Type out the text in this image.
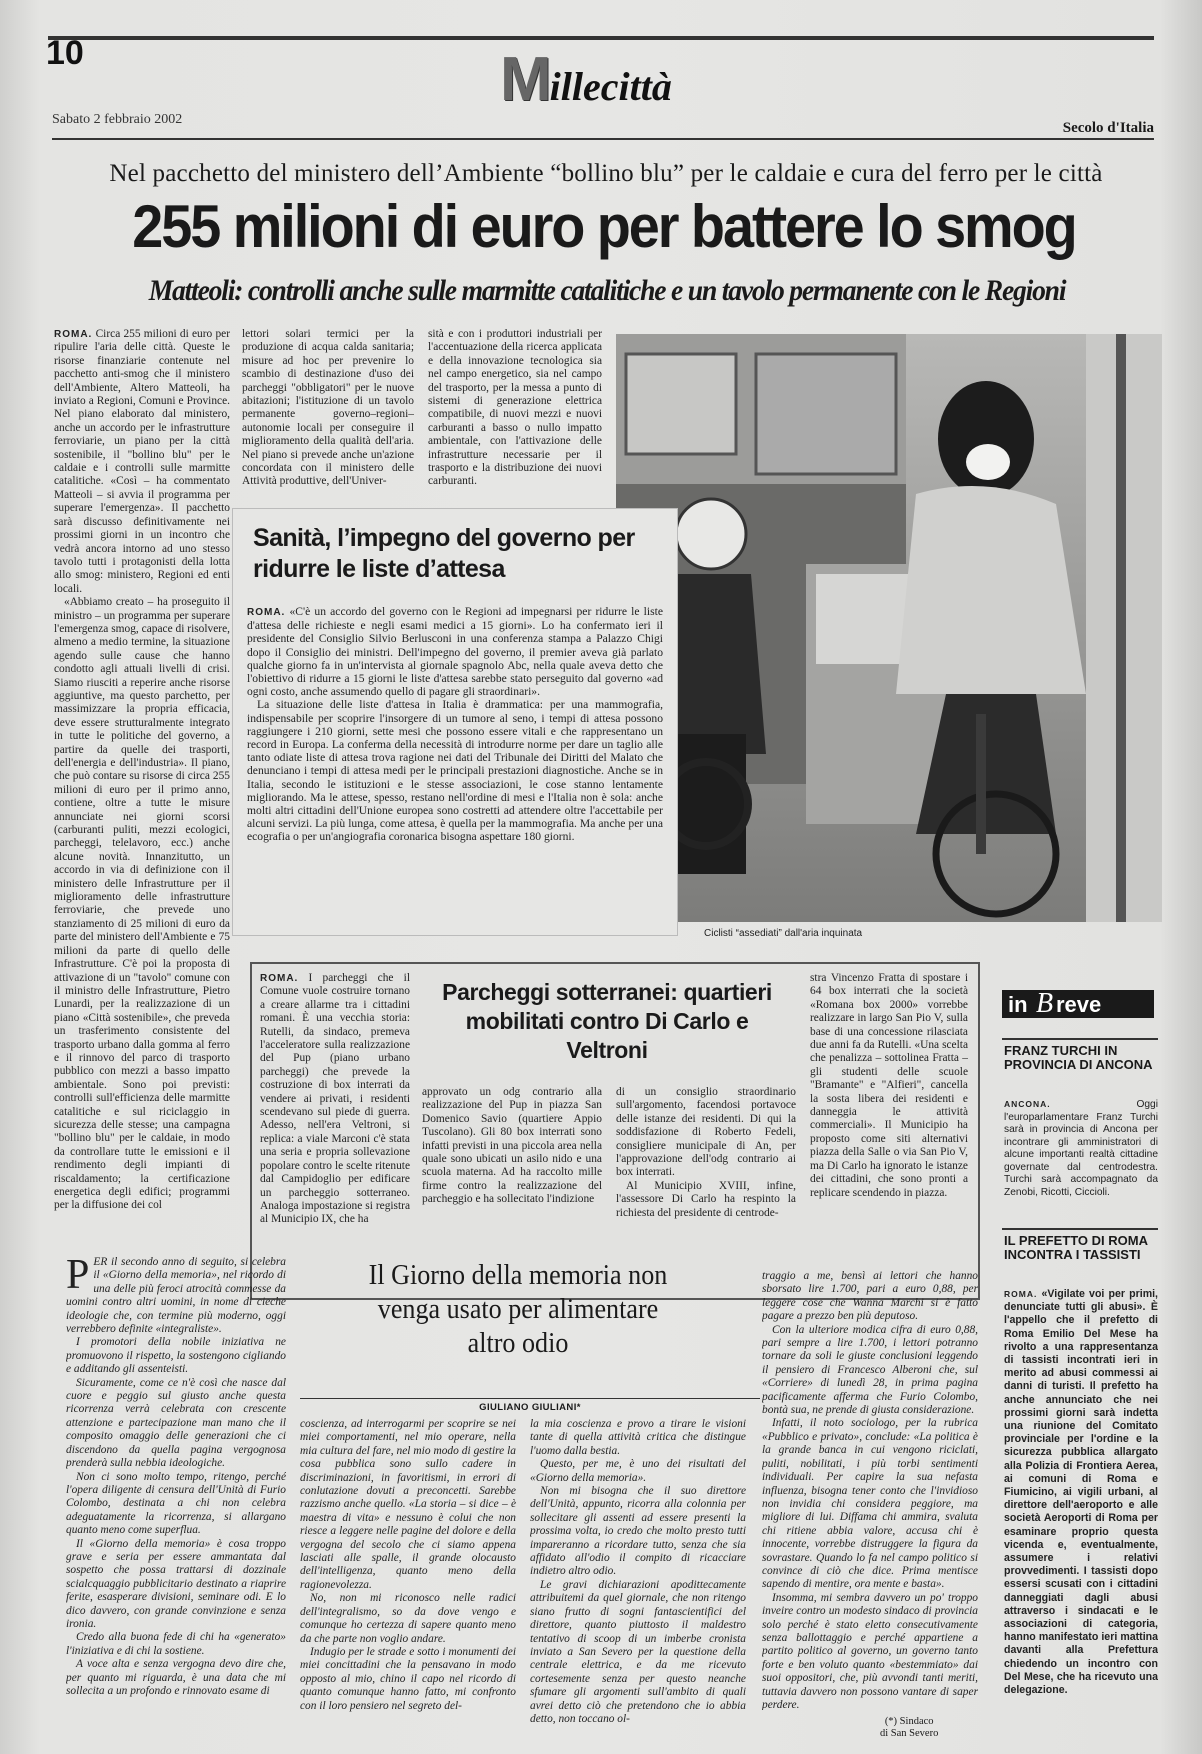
10	Millecittà
Sabato 2 febbraio 2002
Secolo d'Italia
Nel pacchetto del ministero dell’Ambiente “bollino blu” per le caldaie e cura del ferro per le città
255 milioni di euro per battere lo smog
Matteoli: controlli anche sulle marmitte catalitiche e un tavolo permanente con le Regioni

ROMA. Circa 255 milioni di euro per ripulire l'aria delle città. Queste le risorse finanziarie contenute nel pacchetto anti-smog che il ministero dell'Ambiente, Altero Matteoli, ha inviato a Regioni, Comuni e Province. Nel piano elaborato dal ministero, anche un accordo per le infrastrutture ferroviarie, un piano per la città sostenibile, il "bollino blu" per le caldaie e i controlli sulle marmitte catalitiche. «Così – ha commentato Matteoli – si avvia il programma per superare l'emergenza». Il pacchetto sarà discusso definitivamente nei prossimi giorni in un incontro che vedrà ancora intorno ad uno stesso tavolo tutti i protagonisti della lotta allo smog: ministero, Regioni ed enti locali.

«Abbiamo creato – ha proseguito il ministro – un programma per superare l'emergenza smog, capace di risolvere, almeno a medio termine, la situazione agendo sulle cause che hanno condotto agli attuali livelli di crisi. Siamo riusciti a reperire anche risorse aggiuntive, ma questo parchetto, per massimizzare la propria efficacia, deve essere strutturalmente integrato in tutte le politiche del governo, a partire da quelle dei trasporti, dell'energia e dell'industria». Il piano, che può contare su risorse di circa 255 milioni di euro per il primo anno, contiene, oltre a tutte le misure annunciate nei giorni scorsi (carburanti puliti, mezzi ecologici, parcheggi, telelavoro, ecc.) anche alcune novità. Innanzitutto, un accordo in via di definizione con il ministero delle Infrastrutture per il miglioramento delle infrastrutture ferroviarie, che prevede uno stanziamento di 25 milioni di euro da parte del ministero dell'Ambiente e 75 milioni da parte di quello delle Infrastrutture. C'è poi la proposta di attivazione di un "tavolo" comune con il ministro delle Infrastrutture, Pietro Lunardi, per la realizzazione di un piano «Città sostenibile», che preveda un trasferimento consistente del trasporto urbano dalla gomma al ferro e il rinnovo del parco di trasporto pubblico con mezzi a basso impatto ambientale. Sono poi previsti: controlli sull'efficienza delle marmitte catalitiche e sul riciclaggio in sicurezza delle stesse; una campagna "bollino blu" per le caldaie, in modo da controllare tutte le emissioni e il rendimento degli impianti di riscaldamento; la certificazione energetica degli edifici; programmi per la diffusione dei col

lettori solari termici per la produzione di acqua calda sanitaria; misure ad hoc per prevenire lo scambio di destinazione d'uso dei parcheggi "obbligatori" per le nuove abitazioni; l'istituzione di un tavolo permanente governo–regioni–autonomie locali per conseguire il miglioramento della qualità dell'aria. Nel piano si prevede anche un'azione concordata con il ministero delle Attività produttive, dell'Univer-

sità e con i produttori industriali per l'accentuazione della ricerca applicata e della innovazione tecnologica sia nel campo energetico, sia nel campo del trasporto, per la messa a punto di sistemi di generazione elettrica compatibile, di nuovi mezzi e nuovi carburanti a basso o nullo impatto ambientale, con l'attivazione delle infrastrutture necessarie per il trasporto e la distribuzione dei nuovi carburanti.

Ciclisti “assediati” dall'aria inquinata
Sanità, l’impegno del governo per ridurre le liste d’attesa

ROMA. «C'è un accordo del governo con le Regioni ad impegnarsi per ridurre le liste d'attesa delle richieste e negli esami medici a 15 giorni». Lo ha confermato ieri il presidente del Consiglio Silvio Berlusconi in una conferenza stampa a Palazzo Chigi dopo il Consiglio dei ministri. Dell'impegno del governo, il premier aveva già parlato qualche giorno fa in un'intervista al giornale spagnolo Abc, nella quale aveva detto che l'obiettivo di ridurre a 15 giorni le liste d'attesa sarebbe stato perseguito dal governo «ad ogni costo, anche assumendo quello di pagare gli straordinari».

La situazione delle liste d'attesa in Italia è drammatica: per una mammografia, indispensabile per scoprire l'insorgere di un tumore al seno, i tempi di attesa possono raggiungere i 210 giorni, sette mesi che possono essere vitali e che rappresentano un record in Europa. La conferma della necessità di introdurre norme per dare un taglio alle tanto odiate liste di attesa trova ragione nei dati del Tribunale dei Diritti del Malato che denunciano i tempi di attesa medi per le principali prestazioni diagnostiche. Anche se in Italia, secondo le istituzioni e le stesse associazioni, le cose stanno lentamente migliorando. Ma le attese, spesso, restano nell'ordine di mesi e l'Italia non è sola: anche molti altri cittadini dell'Unione europea sono costretti ad attendere oltre l'accettabile per alcuni servizi. La più lunga, come attesa, è quella per la mammografia. Ma anche per una ecografia o per un'angiografia coronarica bisogna aspettare 180 giorni.

ROMA. I parcheggi che il Comune vuole costruire tornano a creare allarme tra i cittadini romani. È una vecchia storia: Rutelli, da sindaco, premeva l'acceleratore sulla realizzazione del Pup (piano urbano parcheggi) che prevede la costruzione di box interrati da vendere ai privati, i residenti scendevano sul piede di guerra. Adesso, nell'era Veltroni, si replica: a viale Marconi c'è stata una seria e propria sollevazione popolare contro le scelte ritenute dal Campidoglio per edificare un parcheggio sotterraneo. Analoga impostazione si registra al Municipio IX, che ha

Parcheggi sotterranei: quartieri mobilitati contro Di Carlo e Veltroni

approvato un odg contrario alla realizzazione del Pup in piazza San Domenico Savio (quartiere Appio Tuscolano). Gli 80 box interrati sono infatti previsti in una piccola area nella quale sono ubicati un asilo nido e una scuola materna. Ad ha raccolto mille firme contro la realizzazione del parcheggio e ha sollecitato l'indizione

di un consiglio straordinario sull'argomento, facendosi portavoce delle istanze dei residenti. Di qui la soddisfazione di Roberto Fedeli, consigliere municipale di An, per l'approvazione dell'odg contrario ai box interrati.

Al Municipio XVIII, infine, l'assessore Di Carlo ha respinto la richiesta del presidente di centrode-

stra Vincenzo Fratta di spostare i 64 box interrati che la società «Romana box 2000» vorrebbe realizzare in largo San Pio V, sulla base di una concessione rilasciata due anni fa da Rutelli. «Una scelta che penalizza – sottolinea Fratta – gli studenti delle scuole "Bramante" e "Alfieri", cancella la sosta libera dei residenti e danneggia le attività commerciali». Il Municipio ha proposto come siti alternativi piazza della Salle o via San Pio V, ma Di Carlo ha ignorato le istanze dei cittadini, che sono pronti a replicare scendendo in piazza.

in B reve
FRANZ TURCHI IN PROVINCIA DI ANCONA

ANCONA.	Oggi l'europarlamentare Franz Turchi sarà in provincia di Ancona per incontrare gli amministratori di alcune importanti realtà cittadine governate dal centrodestra. Turchi sarà accompagnato da Zenobi, Ricotti, Ciccioli.

IL PREFETTO DI ROMA INCONTRA I TASSISTI

ROMA. «Vigilate voi per primi, denunciate tutti gli abusi». È l'appello che il prefetto di Roma Emilio Del Mese ha rivolto a una rappresentanza di tassisti incontrati ieri in merito ad abusi commessi ai danni di turisti. Il prefetto ha anche annunciato che nei prossimi giorni sarà indetta una riunione del Comitato provinciale per l'ordine e la sicurezza pubblica allargato alla Polizia di Frontiera Aerea, ai comuni di Roma e Fiumicino, ai vigili urbani, al direttore dell'aeroporto e alle società Aeroporti di Roma per esaminare proprio questa vicenda e, eventualmente, assumere i relativi provvedimenti. I tassisti dopo essersi scusati con i cittadini danneggiati dagli abusi attraverso i sindacati e le associazioni di categoria, hanno manifestato ieri mattina davanti alla Prefettura chiedendo un incontro con Del Mese, che ha ricevuto una delegazione.

Il Giorno della memoria non venga usato per alimentare altro odio
GIULIANO GIULIANI*

PER il secondo anno di seguito, si celebra il «Giorno della memoria», nel ricordo di una delle più feroci atrocità commesse da uomini contro altri uomini, in nome di cieche ideologie che, con termine più moderno, oggi verrebbero definite «integraliste».

I promotori della nobile iniziativa ne promuovono il rispetto, la sostengono cigliando e additando gli assenteisti.

Sicuramente, come ce n'è così che nasce dal cuore e peggio sul giusto anche questa ricorrenza verrà celebrata con crescente attenzione e partecipazione man mano che il composito omaggio delle generazioni che ci discendono da quella pagina vergognosa prenderà sulla nebbia ideologiche.

Non ci sono molto tempo, ritengo, perché l'opera diligente di censura dell'Unità di Furio Colombo, destinata a chi non celebra adeguatamente la ricorrenza, si allargano quanto meno come superflua.

Il «Giorno della memoria» è cosa troppo grave e seria per essere ammantata dal sospetto che possa trattarsi di dozzinale scialcquaggio pubblicitario destinato a riaprire ferite, esasperare divisioni, seminare odi. E lo dico davvero, con grande convinzione e senza ironia.

Credo alla buona fede di chi ha «generato» l'iniziativa e di chi la sostiene.

A voce alta e senza vergogna devo dire che, per quanto mi riguarda, è una data che mi sollecita a un profondo e rinnovato esame di

coscienza, ad interrogarmi per scoprire se nei miei comportamenti, nel mio operare, nella mia cultura del fare, nel mio modo di gestire la cosa pubblica sono sullo cadere in discriminazioni, in favoritismi, in errori di conlutazione dovuti a preconcetti. Sarebbe razzismo anche quello. «La storia – si dice – è maestra di vita» e nessuno è colui che non riesce a leggere nelle pagine del dolore e della vergogna del secolo che ci siamo appena lasciati alle spalle, il grande olocausto dell'intelligenza, quanto meno della ragionevolezza.

No, non mi riconosco nelle radici dell'integralismo, so da dove vengo e comunque ho certezza di sapere quanto meno da che parte non voglio andare.

Indugio per le strade e sotto i monumenti dei miei concittadini che la pensavano in modo opposto al mio, chino il capo nel ricordo di quanto comunque hanno fatto, mi confronto con il loro pensiero nel segreto del-

la mia coscienza e provo a tirare le visioni tante di quella attività critica che distingue l'uomo dalla bestia.

Questo, per me, è uno dei risultati del «Giorno della memoria».

Non mi bisogna che il suo direttore dell'Unità, appunto, ricorra alla colonnia per sollecitare gli assenti ad essere presenti la prossima volta, io credo che molto presto tutti impareranno a ricordare tutto, senza che sia affidato all'odio il compito di ricacciare indietro altro odio.

Le gravi dichiarazioni apodittecamente attribuitemi da quel giornale, che non ritengo siano frutto di sogni fantascientifici del direttore, quanto piuttosto il maldestro tentativo di scoop di un imberbe cronista inviato a San Severo per la questione della centrale elettrica, e da me ricevuto cortesemente senza per questo neanche sfumare gli argomenti sull'ambito di quali avrei detto ciò che pretendono che io abbia detto, non toccano ol-

traggio a me, bensì ai lettori che hanno sborsato lire 1.700, pari a euro 0,88, per leggere cose che Wanna Marchi si è fatto pagare a prezzo ben più deputoso.

Con la ulteriore modica cifra di euro 0,88, pari sempre a lire 1.700, i lettori potranno tornare da soli le giuste conclusioni leggendo il pensiero di Francesco Alberoni che, sul «Corriere» di lunedì 28, in prima pagina pacificamente afferma che Furio Colombo, bontà sua, ne prende di giusta considerazione.

Infatti, il noto sociologo, per la rubrica «Pubblico e privato», conclude: «La politica è la grande banca in cui vengono riciclati, puliti, nobilitati, i più torbi sentimenti individuali. Per capire la sua nefasta influenza, bisogna tener conto che l'invidioso non invidia chi considera peggiore, ma migliore di lui. Diffama chi ammira, svaluta chi ritiene abbia valore, accusa chi è innocente, vorrebbe distruggere la figura da sovrastare. Quando lo fa nel campo politico si convince di ciò che dice. Prima mentisce sapendo di mentire, ora mente e basta».

Insomma, mi sembra davvero un po' troppo inveire contro un modesto sindaco di provincia solo perché è stato eletto consecutivamente senza ballottaggio e perché appartiene a partito politico al governo, un governo tanto forte e ben voluto quanto «bestemmiato» dai suoi oppositori, che, più avvondi tanti meriti, tuttavia davvero non possono vantare di saper perdere.

(*) Sindaco
di San Severo
